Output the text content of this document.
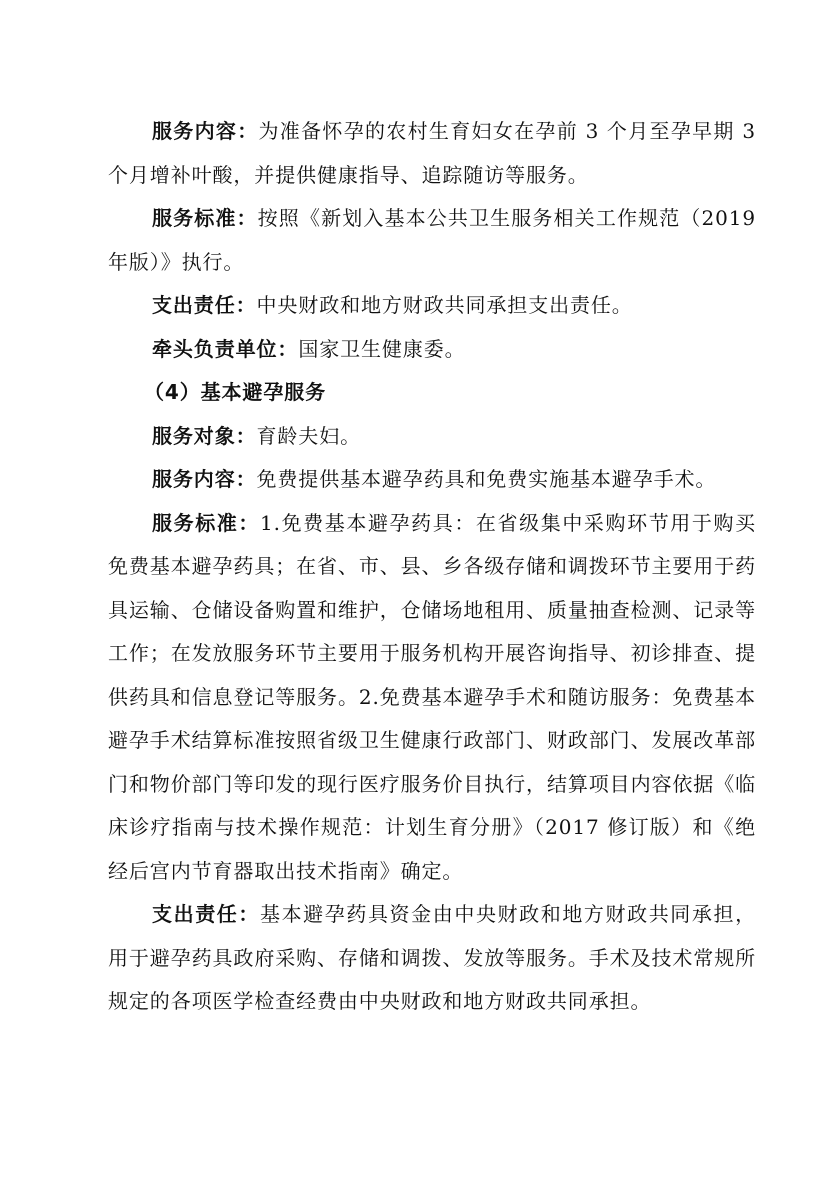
服务内容：为准备怀孕的农村生育妇女在孕前 3 个月至孕早期 3 个月增补叶酸，并提供健康指导、追踪随访等服务。

服务标准：按照《新划入基本公共卫生服务相关工作规范（2019 年版）》执行。

支出责任：中央财政和地方财政共同承担支出责任。

牵头负责单位：国家卫生健康委。

（4）基本避孕服务

服务对象：育龄夫妇。

服务内容：免费提供基本避孕药具和免费实施基本避孕手术。

服务标准：1.免费基本避孕药具：在省级集中采购环节用于购买免费基本避孕药具；在省、市、县、乡各级存储和调拨环节主要用于药具运输、仓储设备购置和维护，仓储场地租用、质量抽查检测、记录等工作；在发放服务环节主要用于服务机构开展咨询指导、初诊排查、提供药具和信息登记等服务。2.免费基本避孕手术和随访服务：免费基本避孕手术结算标准按照省级卫生健康行政部门、财政部门、发展改革部门和物价部门等印发的现行医疗服务价目执行，结算项目内容依据《临床诊疗指南与技术操作规范：计划生育分册》（2017 修订版）和《绝经后宫内节育器取出技术指南》确定。

支出责任：基本避孕药具资金由中央财政和地方财政共同承担，用于避孕药具政府采购、存储和调拨、发放等服务。手术及技术常规所规定的各项医学检查经费由中央财政和地方财政共同承担。
